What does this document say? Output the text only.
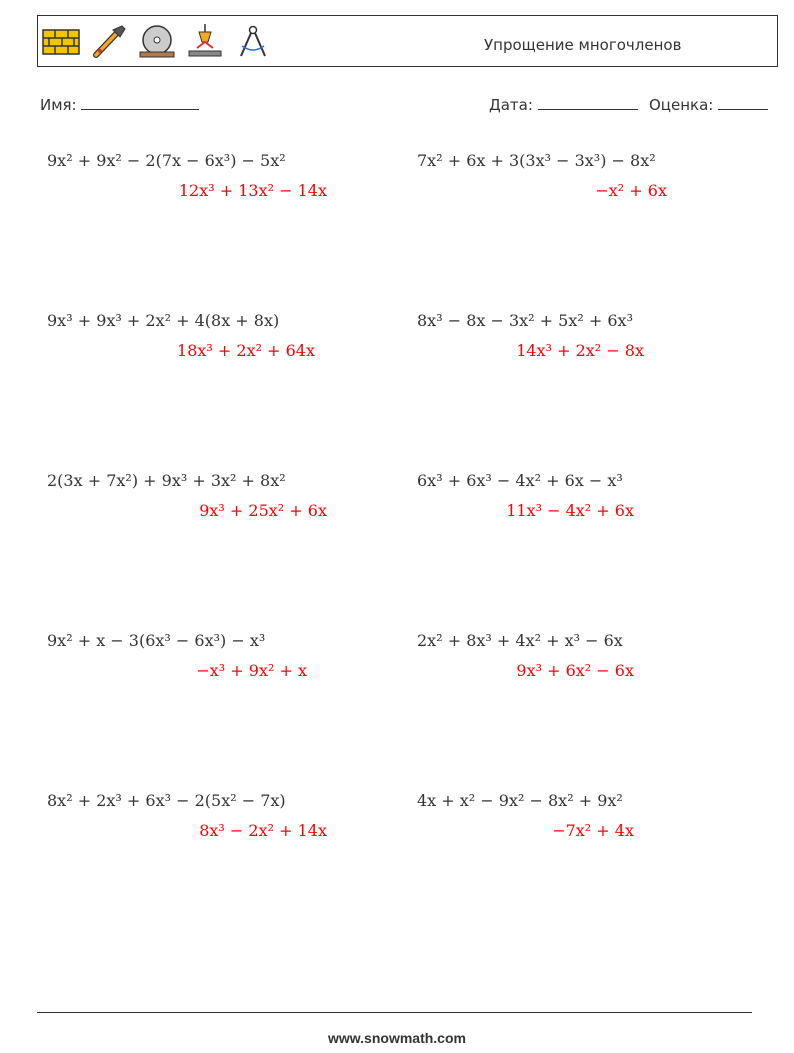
Упрощение многочленов
Имя:	Дата:	Оценка:
9x² + 9x² − 2(7x − 6x³) − 5x²
12x³ + 13x² − 14x
7x² + 6x + 3(3x³ − 3x³) − 8x²
−x² + 6x
9x³ + 9x³ + 2x² + 4(8x + 8x)
18x³ + 2x² + 64x
8x³ − 8x − 3x² + 5x² + 6x³
14x³ + 2x² − 8x
2(3x + 7x²) + 9x³ + 3x² + 8x²
9x³ + 25x² + 6x
6x³ + 6x³ − 4x² + 6x − x³
11x³ − 4x² + 6x
9x² + x − 3(6x³ − 6x³) − x³
−x³ + 9x² + x
2x² + 8x³ + 4x² + x³ − 6x
9x³ + 6x² − 6x
8x² + 2x³ + 6x³ − 2(5x² − 7x)
8x³ − 2x² + 14x
4x + x² − 9x² − 8x² + 9x²
−7x² + 4x
www.snowmath.com
